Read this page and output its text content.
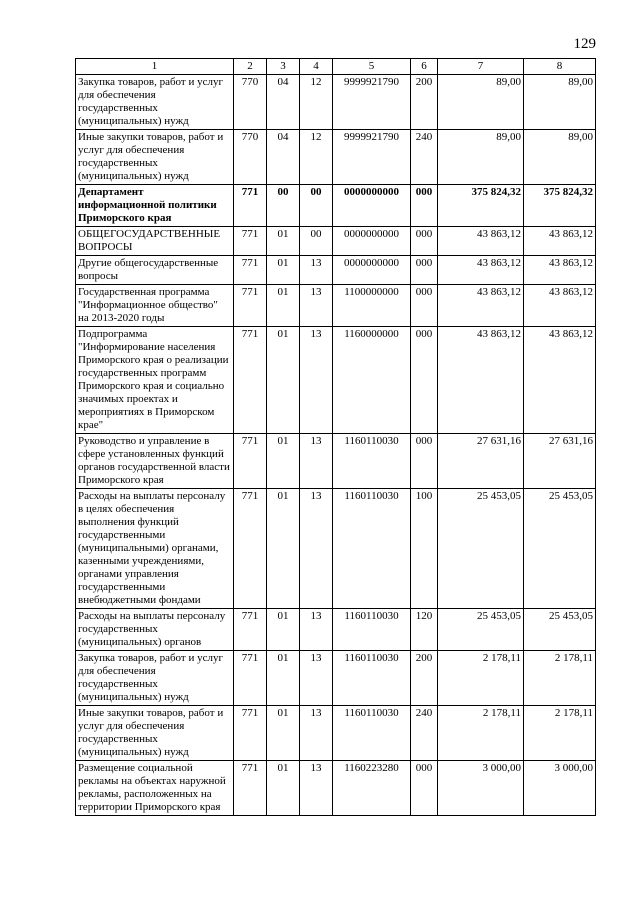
129
1	2	3	4	5	6	7	8
Закупка товаров, работ и услуг для обеспечения государственных (муниципальных) нужд	770	04	12	9999921790	200	89,00	89,00
Иные закупки товаров, работ и услуг для обеспечения государственных (муниципальных) нужд	770	04	12	9999921790	240	89,00	89,00
Департамент информационной политики Приморского края	771	00	00	0000000000	000	375 824,32	375 824,32
ОБЩЕГОСУДАРСТВЕННЫЕ ВОПРОСЫ	771	01	00	0000000000	000	43 863,12	43 863,12
Другие общегосударственные вопросы	771	01	13	0000000000	000	43 863,12	43 863,12
Государственная программа "Информационное общество" на 2013-2020 годы	771	01	13	1100000000	000	43 863,12	43 863,12
Подпрограмма "Информирование населения Приморского края о реализации государственных программ Приморского края и социально значимых проектах и мероприятиях в Приморском крае"	771	01	13	1160000000	000	43 863,12	43 863,12
Руководство и управление в сфере установленных функций органов государственной власти Приморского края	771	01	13	1160110030	000	27 631,16	27 631,16
Расходы на выплаты персоналу в целях обеспечения выполнения функций государственными (муниципальными) органами, казенными учреждениями, органами управления государственными внебюджетными фондами	771	01	13	1160110030	100	25 453,05	25 453,05
Расходы на выплаты персоналу государственных (муниципальных) органов	771	01	13	1160110030	120	25 453,05	25 453,05
Закупка товаров, работ и услуг для обеспечения государственных (муниципальных) нужд	771	01	13	1160110030	200	2 178,11	2 178,11
Иные закупки товаров, работ и услуг для обеспечения государственных (муниципальных) нужд	771	01	13	1160110030	240	2 178,11	2 178,11
Размещение социальной рекламы на объектах наружной рекламы, расположенных на территории Приморского края	771	01	13	1160223280	000	3 000,00	3 000,00
